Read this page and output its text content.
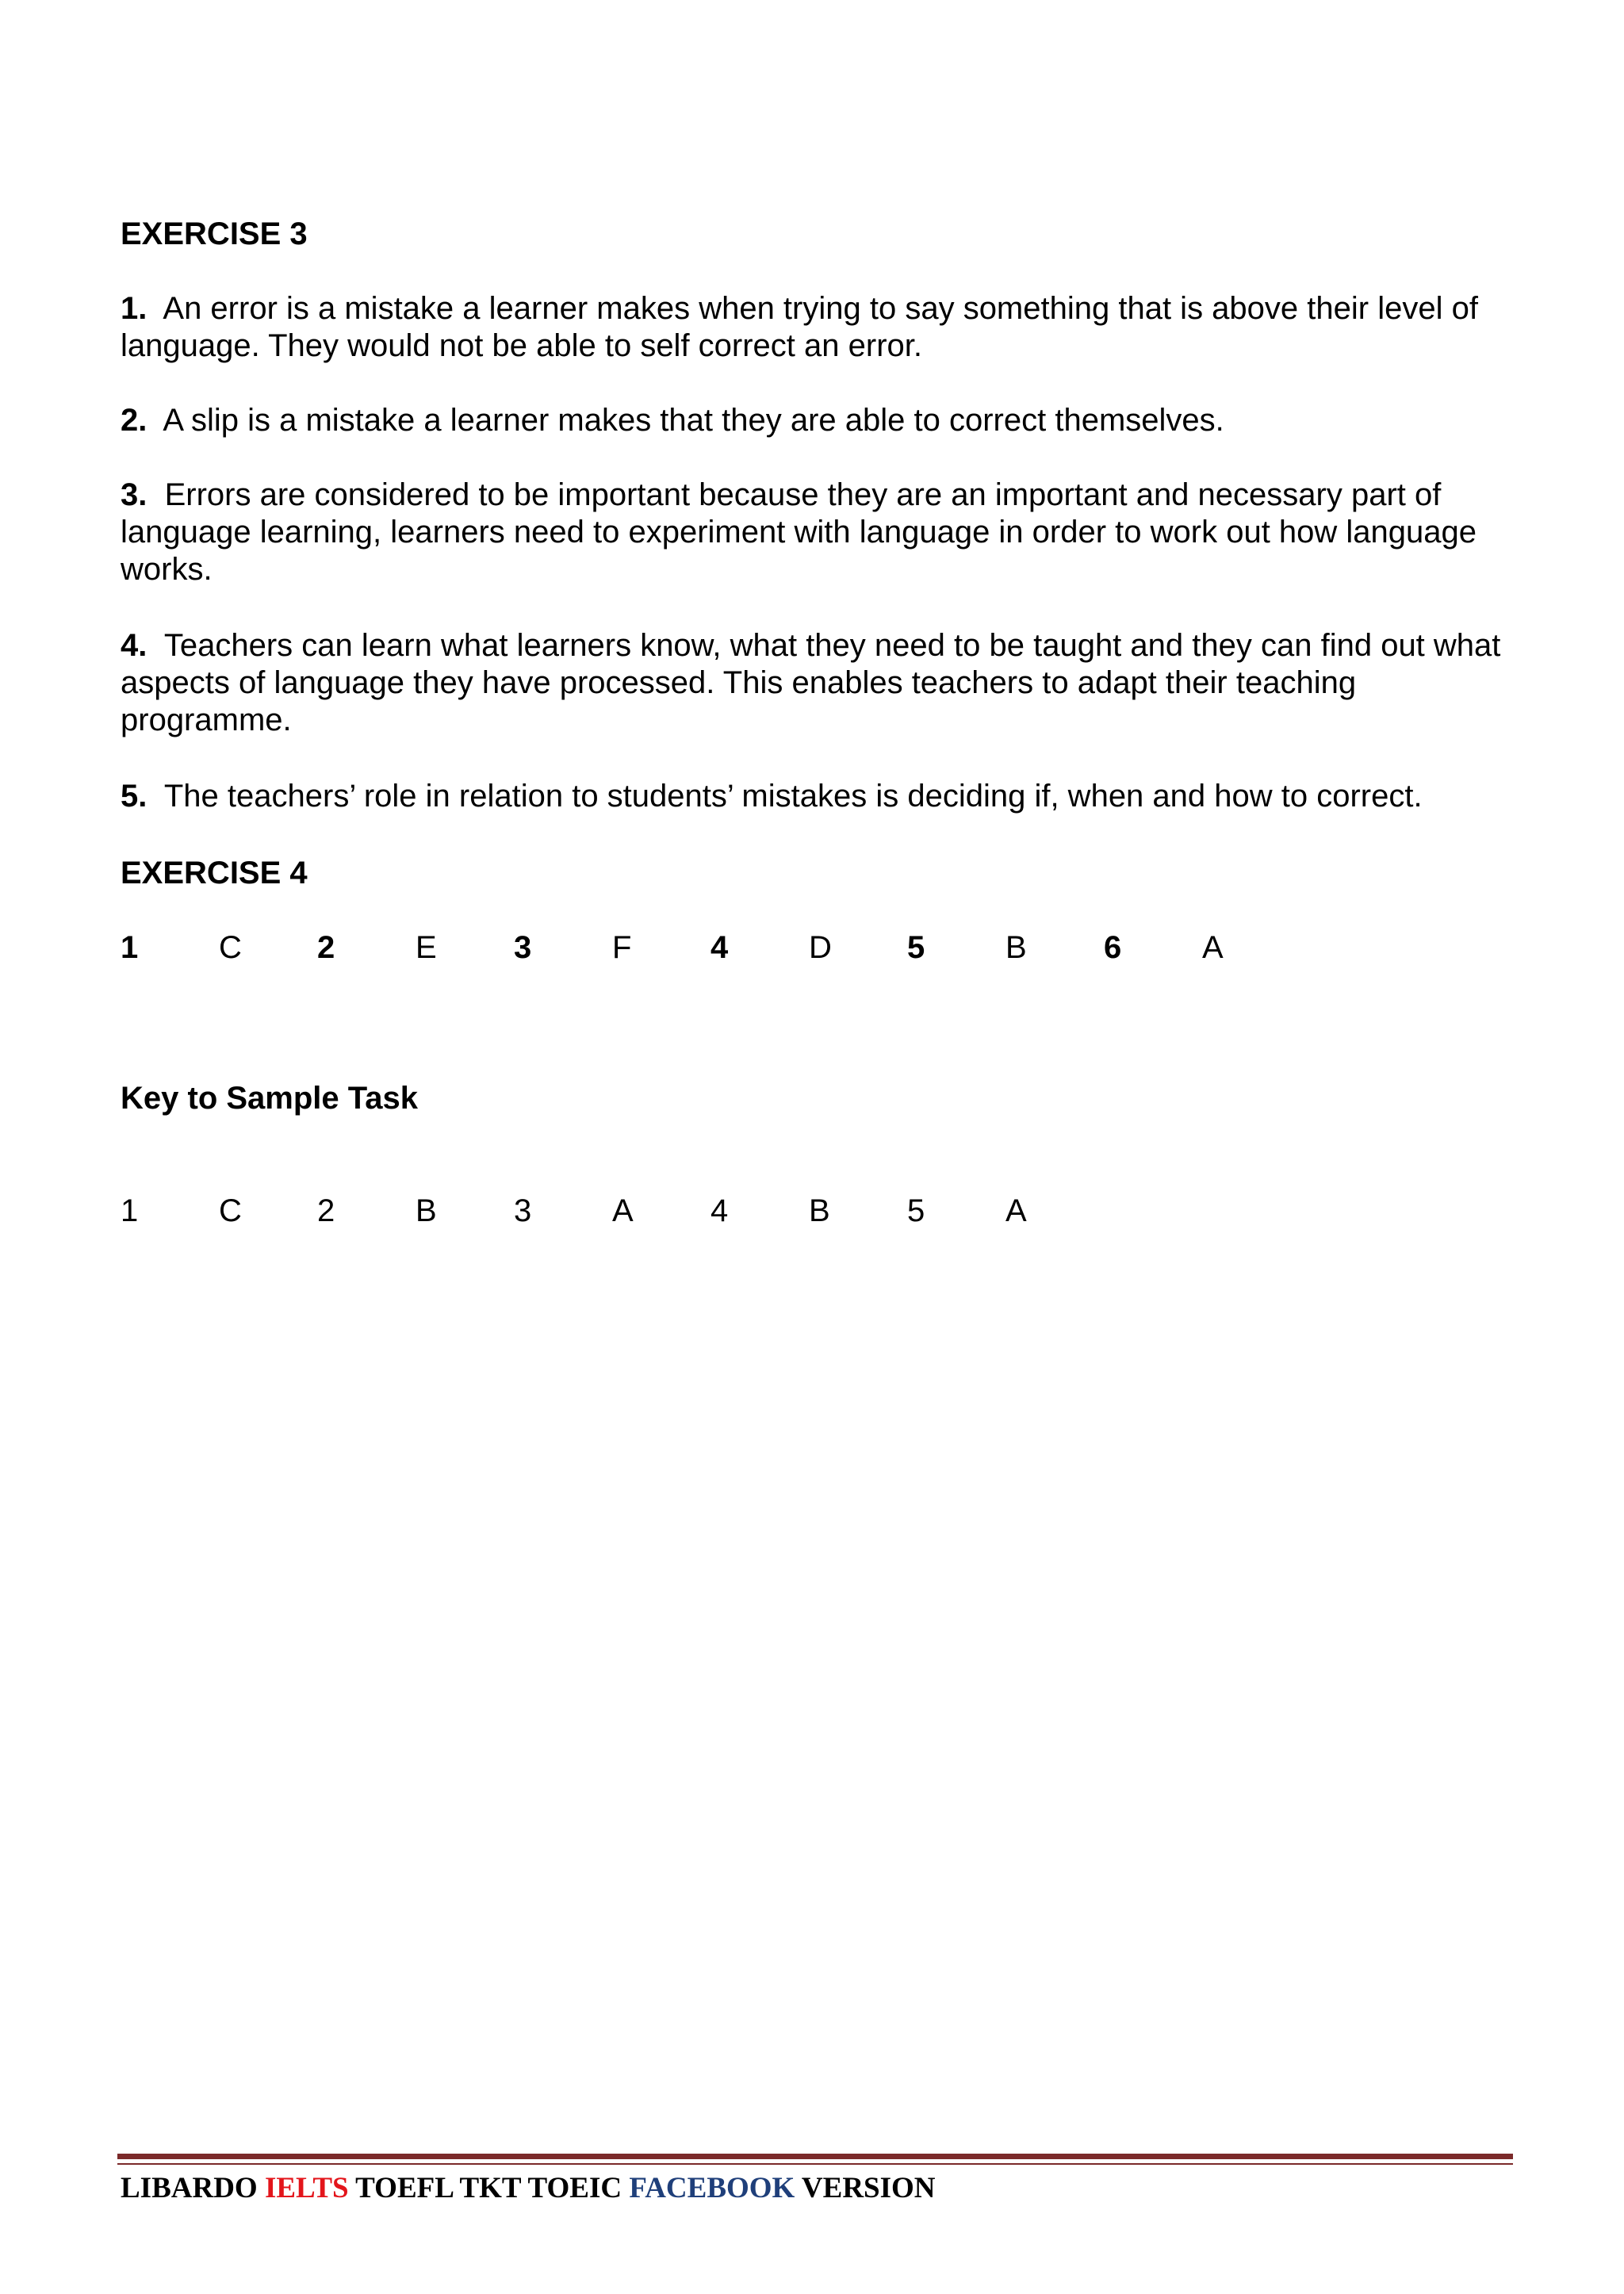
EXERCISE 3
1. An error is a mistake a learner makes when trying to say something that is above their level of language. They would not be able to self correct an error.
2. A slip is a mistake a learner makes that they are able to correct themselves.
3. Errors are considered to be important because they are an important and necessary part of language learning, learners need to experiment with language in order to work out how language works.
4. Teachers can learn what learners know, what they need to be taught and they can find out what aspects of language they have processed. This enables teachers to adapt their teaching programme.
5. The teachers’ role in relation to students’ mistakes is deciding if, when and how to correct.
EXERCISE 4
1	C 2	E 3	F 4	D 5	B 6	A
Key to Sample Task
1	C 2	B 3	A 4	B 5	A
LIBARDO IELTS TOEFL TKT TOEIC FACEBOOK VERSION
